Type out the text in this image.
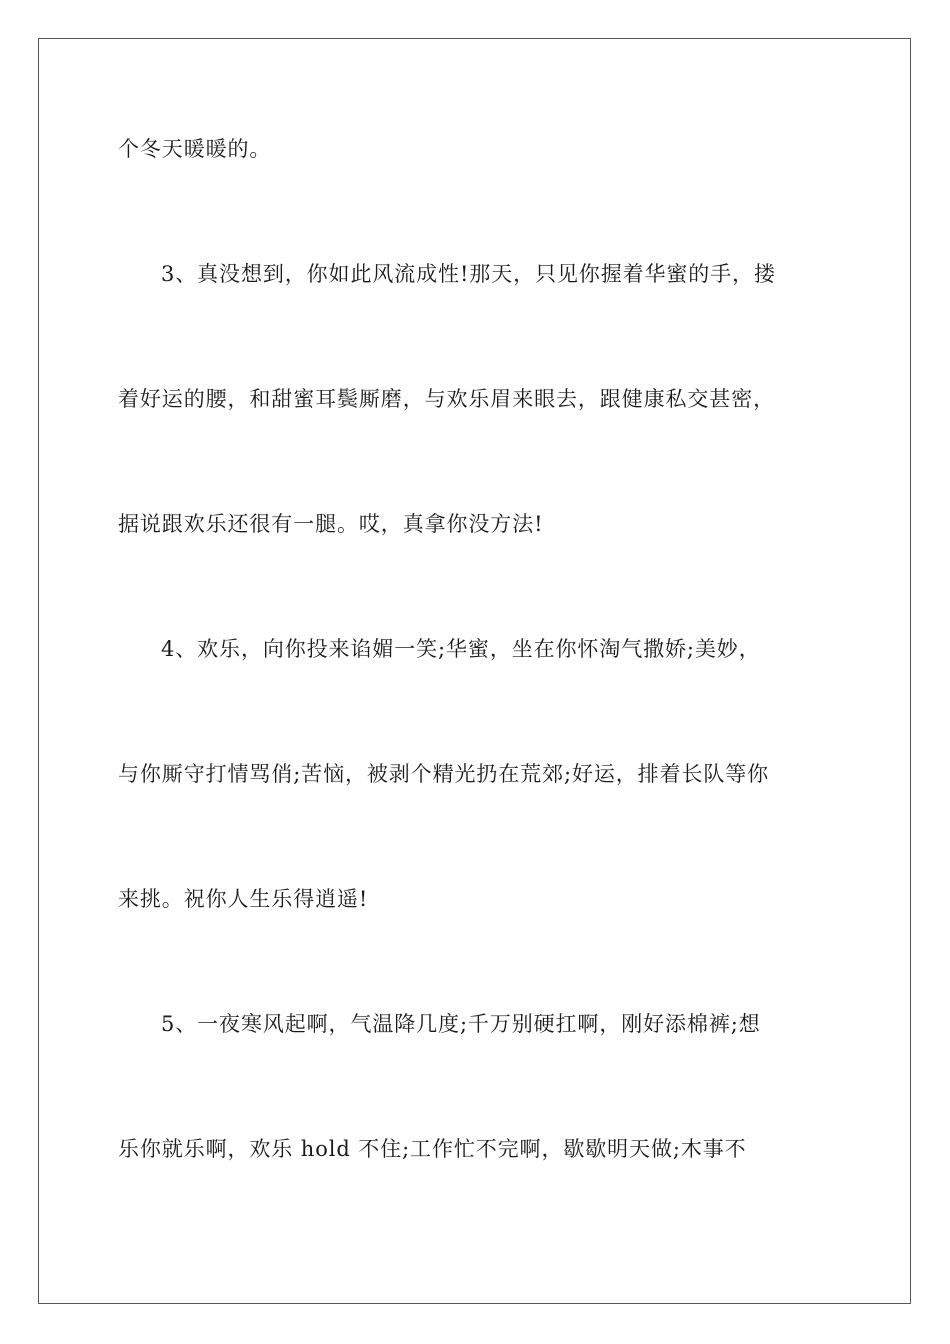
个冬天暖暖的。
3、真没想到，你如此风流成性!那天，只见你握着华蜜的手，搂
着好运的腰，和甜蜜耳鬓厮磨，与欢乐眉来眼去，跟健康私交甚密，
据说跟欢乐还很有一腿。哎，真拿你没方法!
4、欢乐，向你投来谄媚一笑;华蜜，坐在你怀淘气撒娇;美妙，
与你厮守打情骂俏;苦恼，被剥个精光扔在荒郊;好运，排着长队等你
来挑。祝你人生乐得逍遥!
5、一夜寒风起啊，气温降几度;千万别硬扛啊，刚好添棉裤;想
乐你就乐啊，欢乐 hold 不住;工作忙不完啊，歇歇明天做;木事不
